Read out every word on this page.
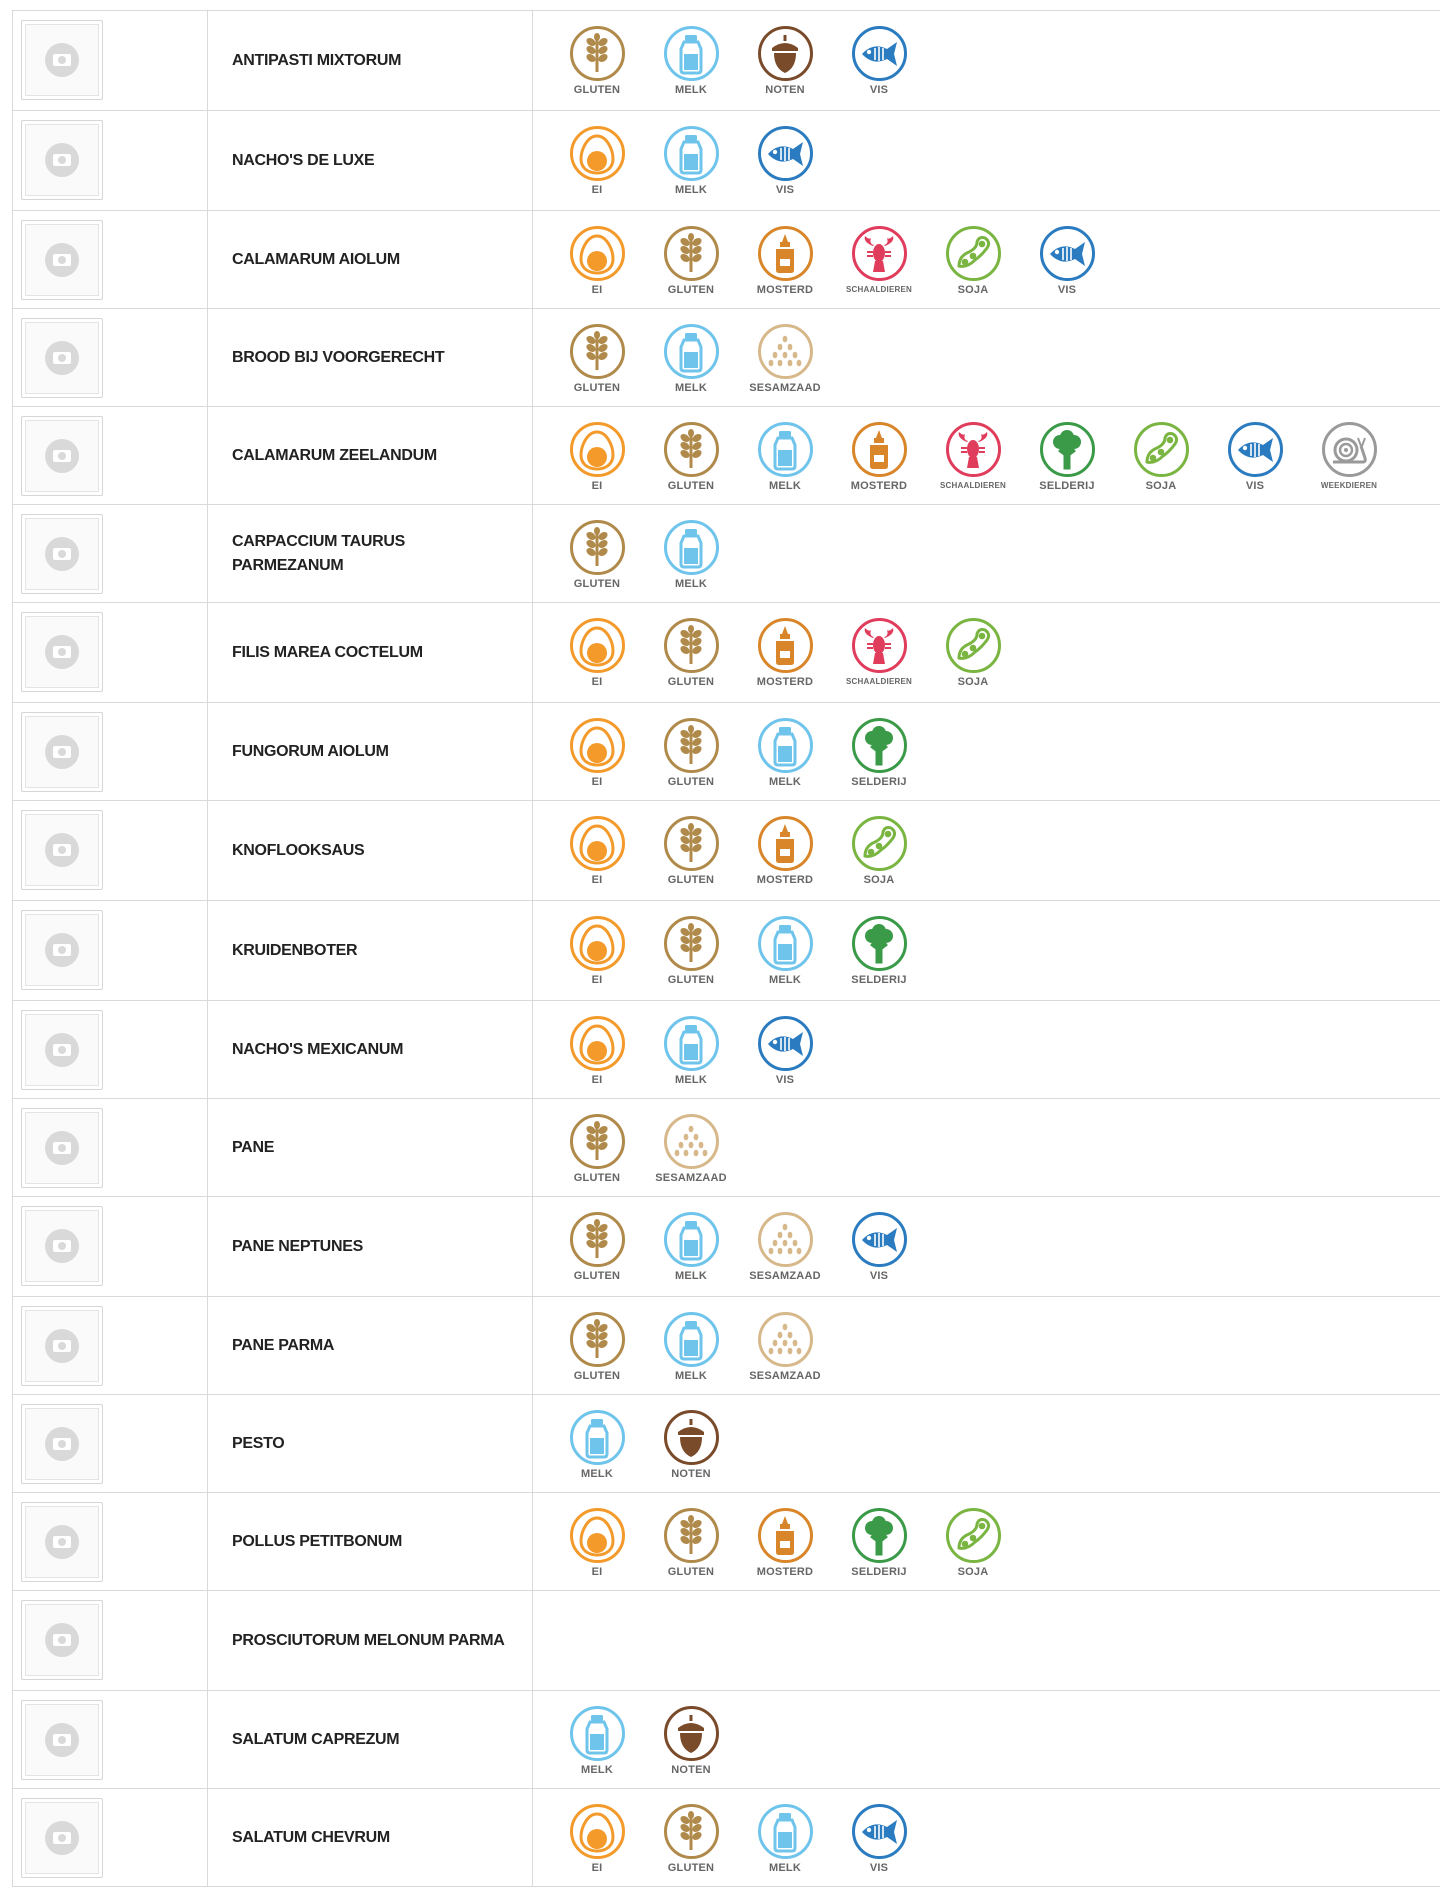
ANTIPASTI MIXTORUM
GLUTEN	MELK	NOTEN	VIS
NACHO'S DE LUXE
EI	MELK	VIS
CALAMARUM AIOLUM
EI	GLUTEN	MOSTERD	SCHAALDIEREN	SOJA	VIS
BROOD BIJ VOORGERECHT
GLUTEN	MELK	SESAMZAAD
CALAMARUM ZEELANDUM
EI	GLUTEN	MELK	MOSTERD	SCHAALDIEREN	SELDERIJ	SOJA	VIS	WEEKDIEREN
CARPACCIUM TAURUS PARMEZANUM
GLUTEN	MELK
FILIS MAREA COCTELUM
EI	GLUTEN	MOSTERD	SCHAALDIEREN	SOJA
FUNGORUM AIOLUM
EI	GLUTEN	MELK	SELDERIJ
KNOFLOOKSAUS
EI	GLUTEN	MOSTERD	SOJA
KRUIDENBOTER
EI	GLUTEN	MELK	SELDERIJ
NACHO'S MEXICANUM
EI	MELK	VIS
PANE
GLUTEN	SESAMZAAD
PANE NEPTUNES
GLUTEN	MELK	SESAMZAAD	VIS
PANE PARMA
GLUTEN	MELK	SESAMZAAD
PESTO
MELK	NOTEN
POLLUS PETITBONUM
EI	GLUTEN	MOSTERD	SELDERIJ	SOJA
PROSCIUTORUM MELONUM PARMA
SALATUM CAPREZUM
MELK	NOTEN
SALATUM CHEVRUM
EI	GLUTEN	MELK	VIS
